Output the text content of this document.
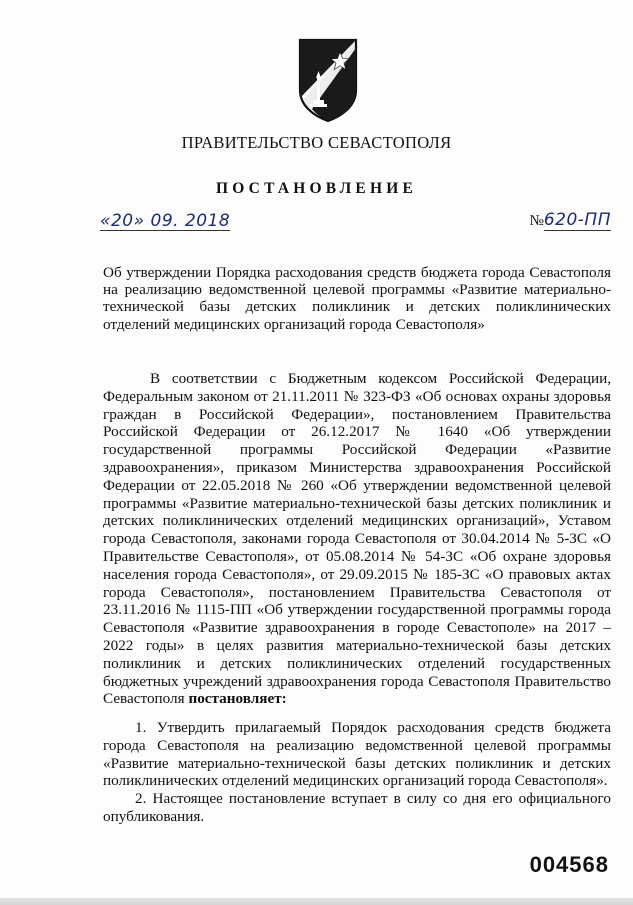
ПРАВИТЕЛЬСТВО СЕВАСТОПОЛЯ
ПОСТАНОВЛЕНИЕ
«20» 09. 2018	№620-ПП
Об утверждении Порядка расходования средств бюджета города Севастополя на реализацию ведомственной целевой программы «Развитие материально-технической базы детских поликлиник и детских поликлинических отделений медицинских организаций города Севастополя»

В соответствии с Бюджетным кодексом Российской Федерации, Федеральным законом от 21.11.2011 № 323-ФЗ «Об основах охраны здоровья граждан в Российской Федерации», постановлением Правительства Российской Федерации от 26.12.2017 № 1640 «Об утверждении государственной программы Российской Федерации «Развитие здравоохранения», приказом Министерства здравоохранения Российской Федерации от 22.05.2018 № 260 «Об утверждении ведомственной целевой программы «Развитие материально-технической базы детских поликлиник и детских поликлинических отделений медицинских организаций», Уставом города Севастополя, законами города Севастополя от 30.04.2014 № 5-ЗС «О Правительстве Севастополя», от 05.08.2014 № 54-ЗС «Об охране здоровья населения города Севастополя», от 29.09.2015 № 185-ЗС «О правовых актах города Севастополя», постановлением Правительства Севастополя от 23.11.2016 № 1115-ПП «Об утверждении государственной программы города Севастополя «Развитие здравоохранения в городе Севастополе» на 2017 – 2022 годы» в целях развития материально-технической базы детских поликлиник и детских поликлинических отделений государственных бюджетных учреждений здравоохранения города Севастополя Правительство Севастополя постановляет:

1. Утвердить прилагаемый Порядок расходования средств бюджета города Севастополя на реализацию ведомственной целевой программы «Развитие материально-технической базы детских поликлиник и детских поликлинических отделений медицинских организаций города Севастополя».

2. Настоящее постановление вступает в силу со дня его официального опубликования.

004568
